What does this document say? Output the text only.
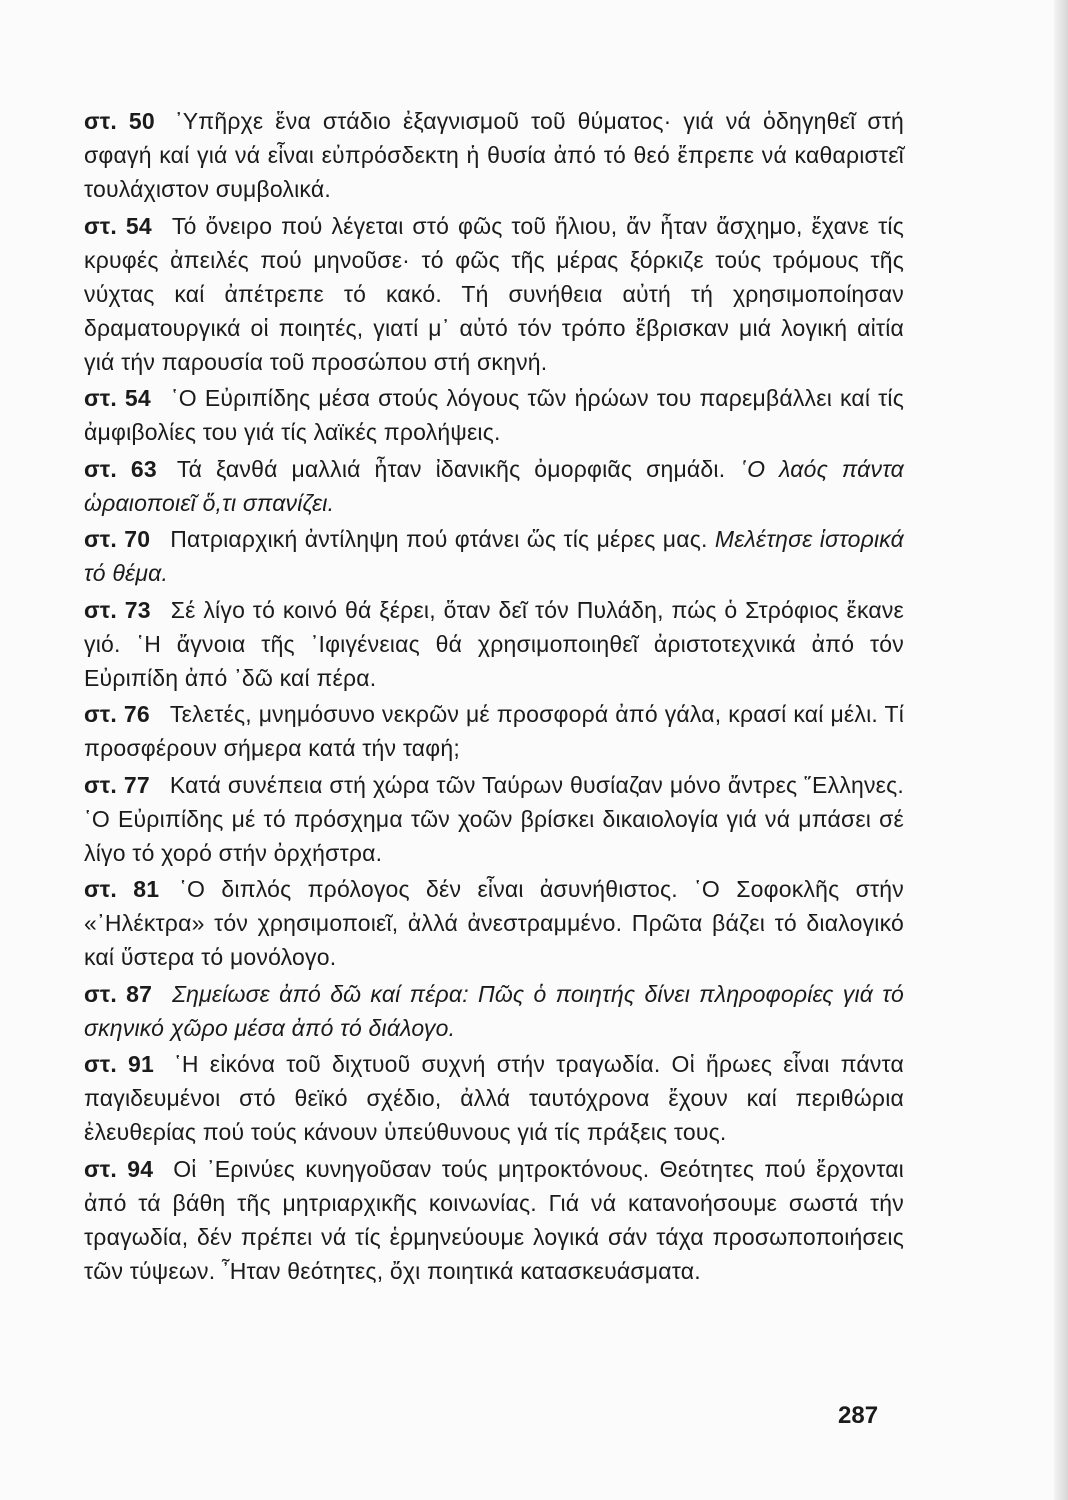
στ. 50 ᾿Υπῆρχε ἕνα στάδιο ἐξαγνισμοῦ τοῦ θύματος· γιά νά ὁδηγηθεῖ στή σφαγή καί γιά νά εἶναι εὐπρόσδεκτη ἡ θυσία ἀπό τό θεό ἔπρεπε νά καθαριστεῖ τουλάχιστον συμβολικά.

στ. 54 Τό ὄνειρο πού λέγεται στό φῶς τοῦ ἥλιου, ἄν ἦταν ἄσχημο, ἔχανε τίς κρυφές ἀπειλές πού μηνοῦσε· τό φῶς τῆς μέρας ξόρκιζε τούς τρόμους τῆς νύχτας καί ἀπέτρεπε τό κακό. Τή συνήθεια αὐτή τή χρησιμοποίησαν δραματουργικά οἱ ποιητές, γιατί μ᾿ αὐτό τόν τρόπο ἔβρισκαν μιά λογική αἰτία γιά τήν παρουσία τοῦ προσώπου στή σκηνή.

στ. 54 ῾Ο Εὐριπίδης μέσα στούς λόγους τῶν ἡρώων του παρεμβάλλει καί τίς ἀμφιβολίες του γιά τίς λαϊκές προλήψεις.

στ. 63 Τά ξανθά μαλλιά ἦταν ἰδανικῆς ὀμορφιᾶς σημάδι. ῾Ο λαός πάντα ὡραιοποιεῖ ὅ,τι σπανίζει.

στ. 70 Πατριαρχική ἀντίληψη πού φτάνει ὥς τίς μέρες μας. Μελέτησε ἱστορικά τό θέμα.

στ. 73 Σέ λίγο τό κοινό θά ξέρει, ὅταν δεῖ τόν Πυλάδη, πώς ὁ Στρόφιος ἔκανε γιό. ῾Η ἄγνοια τῆς ᾿Ιφιγένειας θά χρησιμοποιηθεῖ ἀριστοτεχνικά ἀπό τόν Εὐριπίδη ἀπό ᾿δῶ καί πέρα.

στ. 76 Τελετές, μνημόσυνο νεκρῶν μέ προσφορά ἀπό γάλα, κρασί καί μέλι. Τί προσφέρουν σήμερα κατά τήν ταφή;

στ. 77 Κατά συνέπεια στή χώρα τῶν Ταύρων θυσίαζαν μόνο ἄντρες ῞Ελληνες. ῾Ο Εὐριπίδης μέ τό πρόσχημα τῶν χοῶν βρίσκει δικαιολογία γιά νά μπάσει σέ λίγο τό χορό στήν ὀρχήστρα.

στ. 81 ῾Ο διπλός πρόλογος δέν εἶναι ἀσυνήθιστος. ῾Ο Σοφοκλῆς στήν «᾿Ηλέκτρα» τόν χρησιμοποιεῖ, ἀλλά ἀνεστραμμένο. Πρῶτα βάζει τό διαλογικό καί ὕστερα τό μονόλογο.

στ. 87 Σημείωσε ἀπό δῶ καί πέρα: Πῶς ὁ ποιητής δίνει πληροφορίες γιά τό σκηνικό χῶρο μέσα ἀπό τό διάλογο.

στ. 91 ῾Η εἰκόνα τοῦ διχτυοῦ συχνή στήν τραγωδία. Οἱ ἥρωες εἶναι πάντα παγιδευμένοι στό θεϊκό σχέδιο, ἀλλά ταυτόχρονα ἔχουν καί περιθώρια ἐλευθερίας πού τούς κάνουν ὑπεύθυνους γιά τίς πράξεις τους.

στ. 94 Οἱ ᾿Ερινύες κυνηγοῦσαν τούς μητροκτόνους. Θεότητες πού ἔρχονται ἀπό τά βάθη τῆς μητριαρχικῆς κοινωνίας. Γιά νά κατανοήσουμε σωστά τήν τραγωδία, δέν πρέπει νά τίς ἑρμηνεύουμε λογικά σάν τάχα προσωποποιήσεις τῶν τύψεων. ῏Ηταν θεότητες, ὄχι ποιητικά κατασκευάσματα.

287
